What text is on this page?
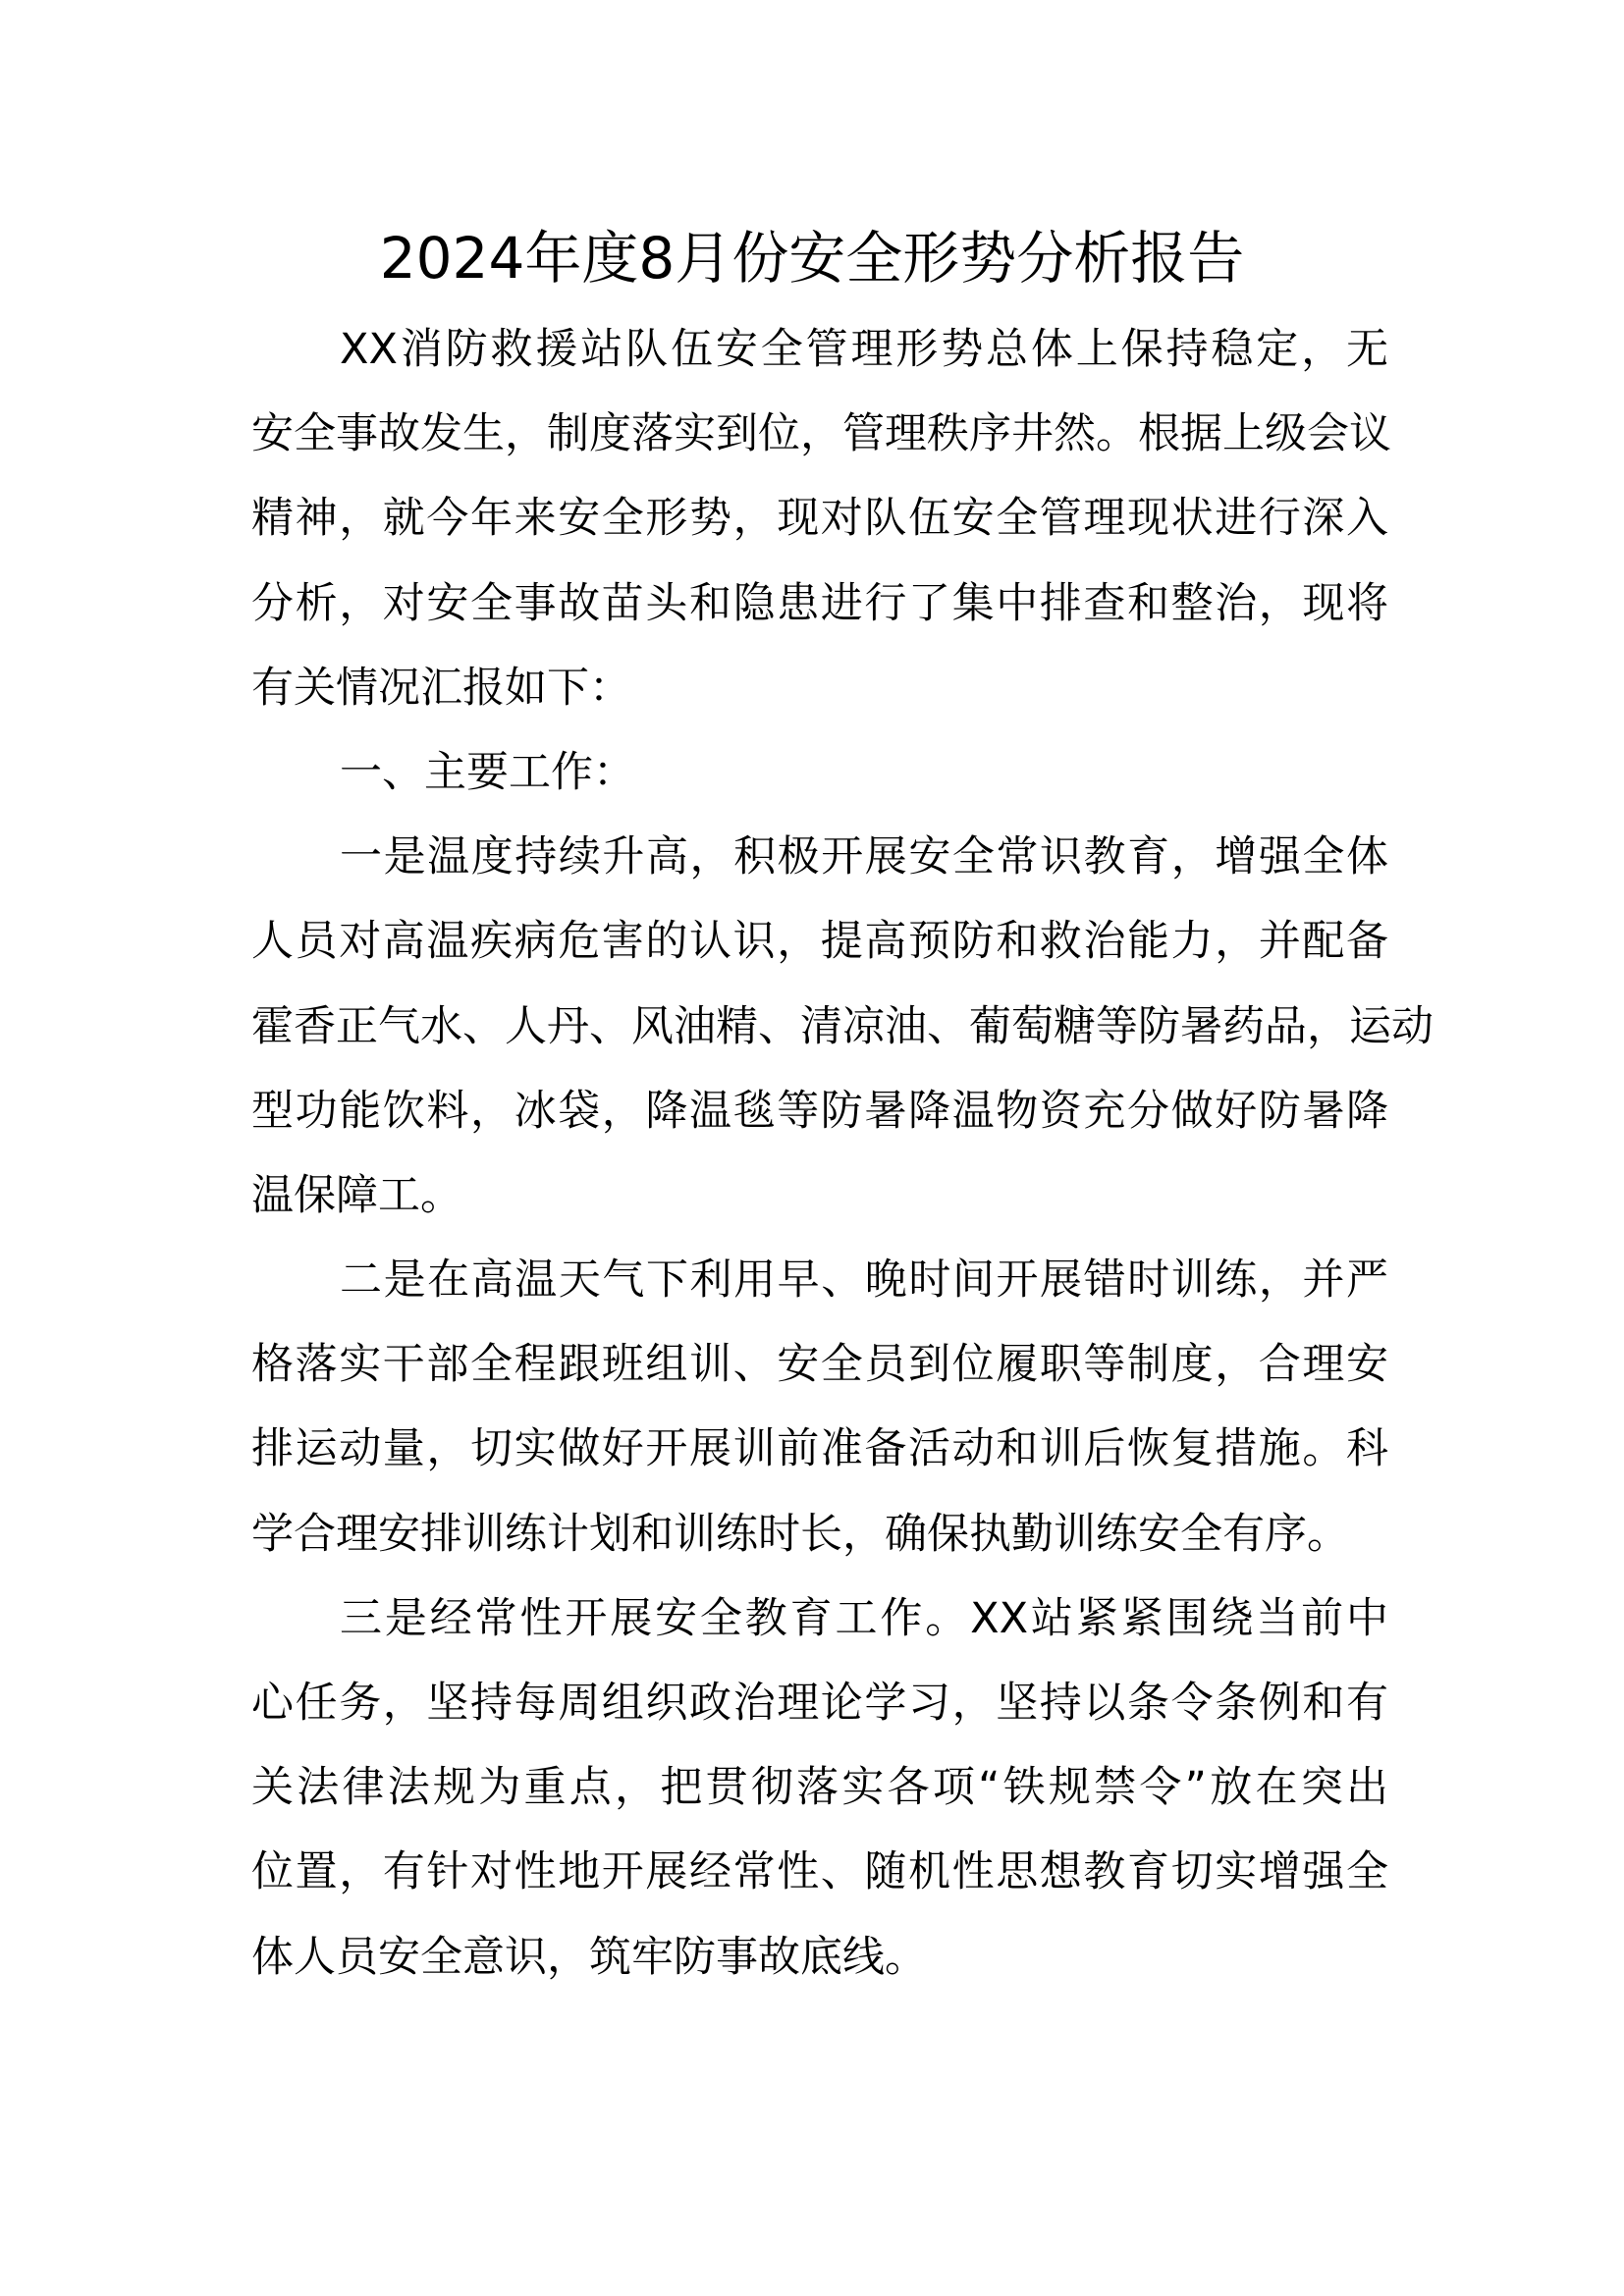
2024年度8月份安全形势分析报告
XX消防救援站队伍安全管理形势总体上保持稳定，无
安全事故发生，制度落实到位，管理秩序井然。根据上级会议
精神，就今年来安全形势，现对队伍安全管理现状进行深入
分析，对安全事故苗头和隐患进行了集中排查和整治，现将
有关情况汇报如下：
一、主要工作：
一是温度持续升高，积极开展安全常识教育，增强全体
人员对高温疾病危害的认识，提高预防和救治能力，并配备
霍香正气水、人丹、风油精、清凉油、葡萄糖等防暑药品，运动
型功能饮料，冰袋，降温毯等防暑降温物资充分做好防暑降
温保障工。
二是在高温天气下利用早、晚时间开展错时训练，并严
格落实干部全程跟班组训、安全员到位履职等制度，合理安
排运动量，切实做好开展训前准备活动和训后恢复措施。科
学合理安排训练计划和训练时长，确保执勤训练安全有序。
三是经常性开展安全教育工作。XX站紧紧围绕当前中
心任务，坚持每周组织政治理论学习，坚持以条令条例和有
关法律法规为重点，把贯彻落实各项“铁规禁令”放在突出
位置，有针对性地开展经常性、随机性思想教育切实增强全
体人员安全意识，筑牢防事故底线。
